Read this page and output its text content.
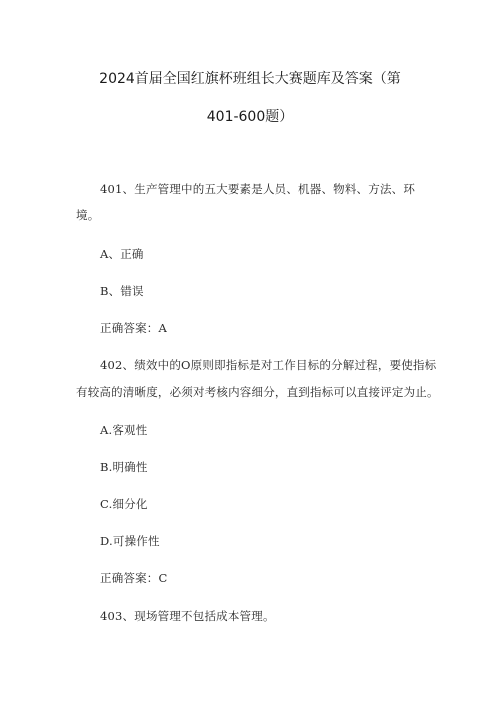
2024首届全国红旗杯班组长大赛题库及答案（第
401-600题）
401、生产管理中的五大要素是人员、机器、物料、方法、环
境。
A、正确
B、错误
正确答案：A
402、绩效中的O原则即指标是对工作目标的分解过程，要使指标
有较高的清晰度，必须对考核内容细分，直到指标可以直接评定为止。
A.客观性
B.明确性
C.细分化
D.可操作性
正确答案：C
403、现场管理不包括成本管理。
